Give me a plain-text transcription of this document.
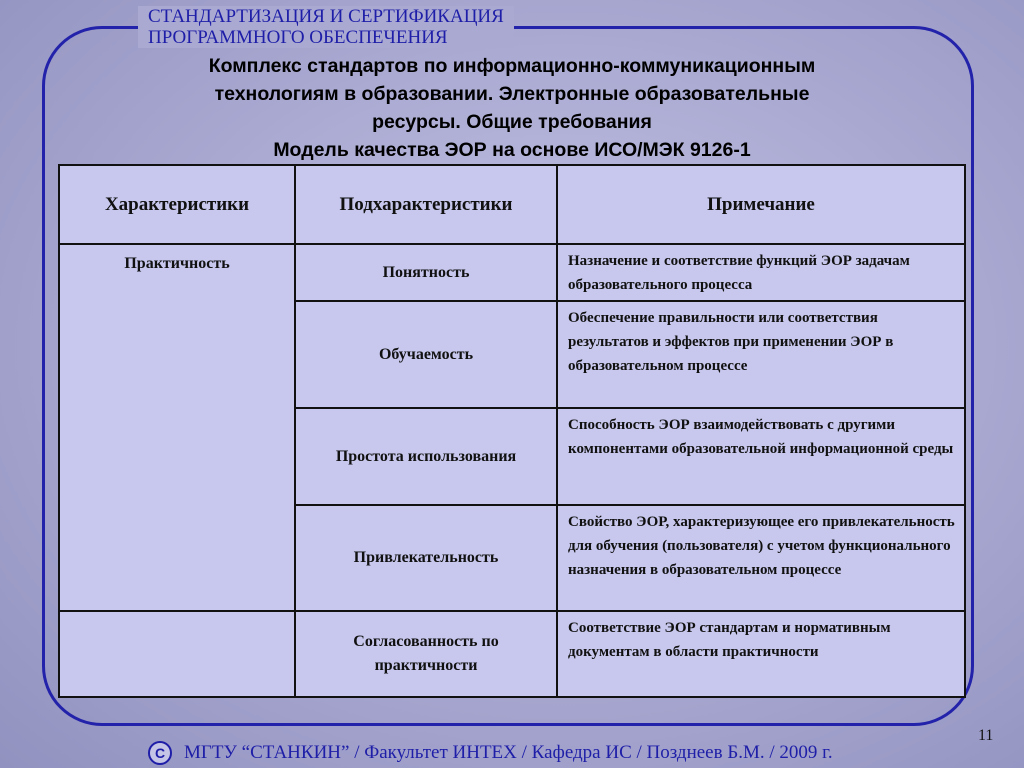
СТАНДАРТИЗАЦИЯ И СЕРТИФИКАЦИЯ
ПРОГРАММНОГО ОБЕСПЕЧЕНИЯ
Комплекс стандартов по информационно-коммуникационным
технологиям в образовании. Электронные образовательные
ресурсы. Общие требования
Модель качества ЭОР на основе ИСО/МЭК 9126-1
Характеристики	Подхарактеристики	Примечание
Практичность	Понятность	Назначение и соответствие функций ЭОР задачам образовательного процесса
	Обучаемость	Обеспечение правильности или соответствия результатов и эффектов при применении ЭОР в образовательном процессе
	Простота использования	Способность ЭОР взаимодействовать с другими компонентами образовательной информационной среды
	Привлекательность	Свойство ЭОР, характеризующее его привлекательность для обучения (пользователя) с учетом функционального назначения в образовательном процессе
	Согласованность по практичности	Соответствие ЭОР стандартам и нормативным документам в области практичности
11
C МГТУ “СТАНКИН” / Факультет ИНТЕХ / Кафедра ИС / Позднеев Б.М. / 2009 г.
